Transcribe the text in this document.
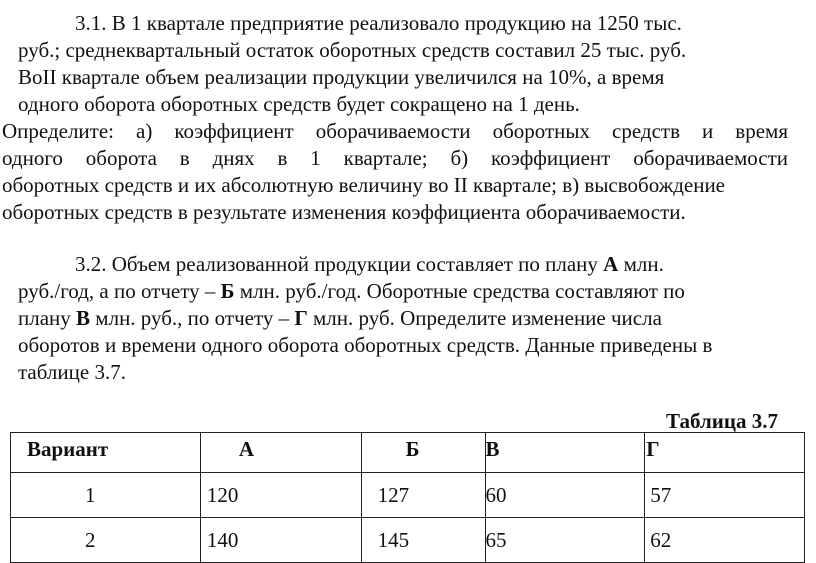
3.1. В 1 квартале предприятие реализовало продукцию на 1250 тыс.
руб.; среднеквартальный остаток оборотных средств составил 25 тыс. руб.
ВоII квартале объем реализации продукции увеличился на 10%, а время
одного оборота оборотных средств будет сокращено на 1 день.
Определите: а) коэффициент оборачиваемости оборотных средств и время
одного оборота в днях в 1 квартале; б) коэффициент оборачиваемости
оборотных средств и их абсолютную величину во II квартале; в) высвобождение
оборотных средств в результате изменения коэффициента оборачиваемости.
3.2. Объем реализованной продукции составляет по плану А млн.
руб./год, а по отчету – Б млн. руб./год. Оборотные средства составляют по
плану В млн. руб., по отчету – Г млн. руб. Определите изменение числа
оборотов и времени одного оборота оборотных средств. Данные приведены в
таблице 3.7.
Таблица 3.7
Вариант	А	Б	В	Г
1	120	127	60	57
2	140	145	65	62
